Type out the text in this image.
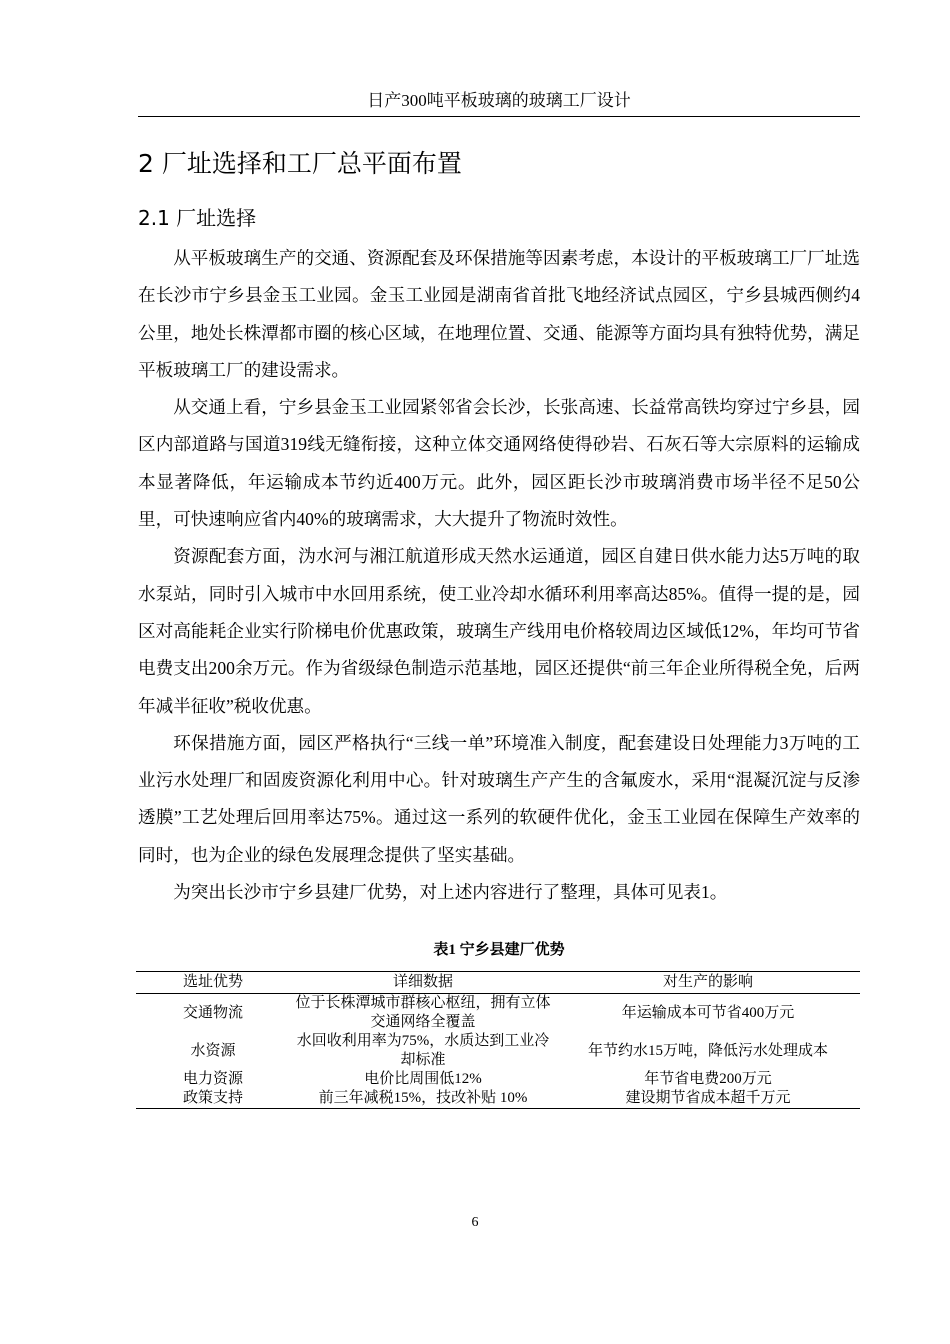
日产300吨平板玻璃的玻璃工厂设计
2 厂址选择和工厂总平面布置
2.1 厂址选择

从平板玻璃生产的交通、资源配套及环保措施等因素考虑，本设计的平板玻璃工厂厂址选在长沙市宁乡县金玉工业园。金玉工业园是湖南省首批飞地经济试点园区，宁乡县城西侧约4公里，地处长株潭都市圈的核心区域，在地理位置、交通、能源等方面均具有独特优势，满足平板玻璃工厂的建设需求。

从交通上看，宁乡县金玉工业园紧邻省会长沙，长张高速、长益常高铁均穿过宁乡县，园区内部道路与国道319线无缝衔接，这种立体交通网络使得砂岩、石灰石等大宗原料的运输成本显著降低，年运输成本节约近400万元。此外，园区距长沙市玻璃消费市场半径不足50公里，可快速响应省内40%的玻璃需求，大大提升了物流时效性。

资源配套方面，沩水河与湘江航道形成天然水运通道，园区自建日供水能力达5万吨的取水泵站，同时引入城市中水回用系统，使工业冷却水循环利用率高达85%。值得一提的是，园区对高能耗企业实行阶梯电价优惠政策，玻璃生产线用电价格较周边区域低12%，年均可节省电费支出200余万元。作为省级绿色制造示范基地，园区还提供“前三年企业所得税全免，后两年减半征收”税收优惠。

环保措施方面，园区严格执行“三线一单”环境准入制度，配套建设日处理能力3万吨的工业污水处理厂和固废资源化利用中心。针对玻璃生产产生的含氟废水，采用“混凝沉淀与反渗透膜”工艺处理后回用率达75%。通过这一系列的软硬件优化，金玉工业园在保障生产效率的同时，也为企业的绿色发展理念提供了坚实基础。

为突出长沙市宁乡县建厂优势，对上述内容进行了整理，具体可见表1。

表1 宁乡县建厂优势
选址优势	详细数据	对生产的影响
交通物流	位于长株潭城市群核心枢纽，拥有立体交通网络全覆盖	年运输成本可节省400万元
水资源	水回收利用率为75%，水质达到工业冷却标准	年节约水15万吨，降低污水处理成本
电力资源	电价比周围低12%	年节省电费200万元
政策支持	前三年减税15%，技改补贴 10%	建设期节省成本超千万元
6
